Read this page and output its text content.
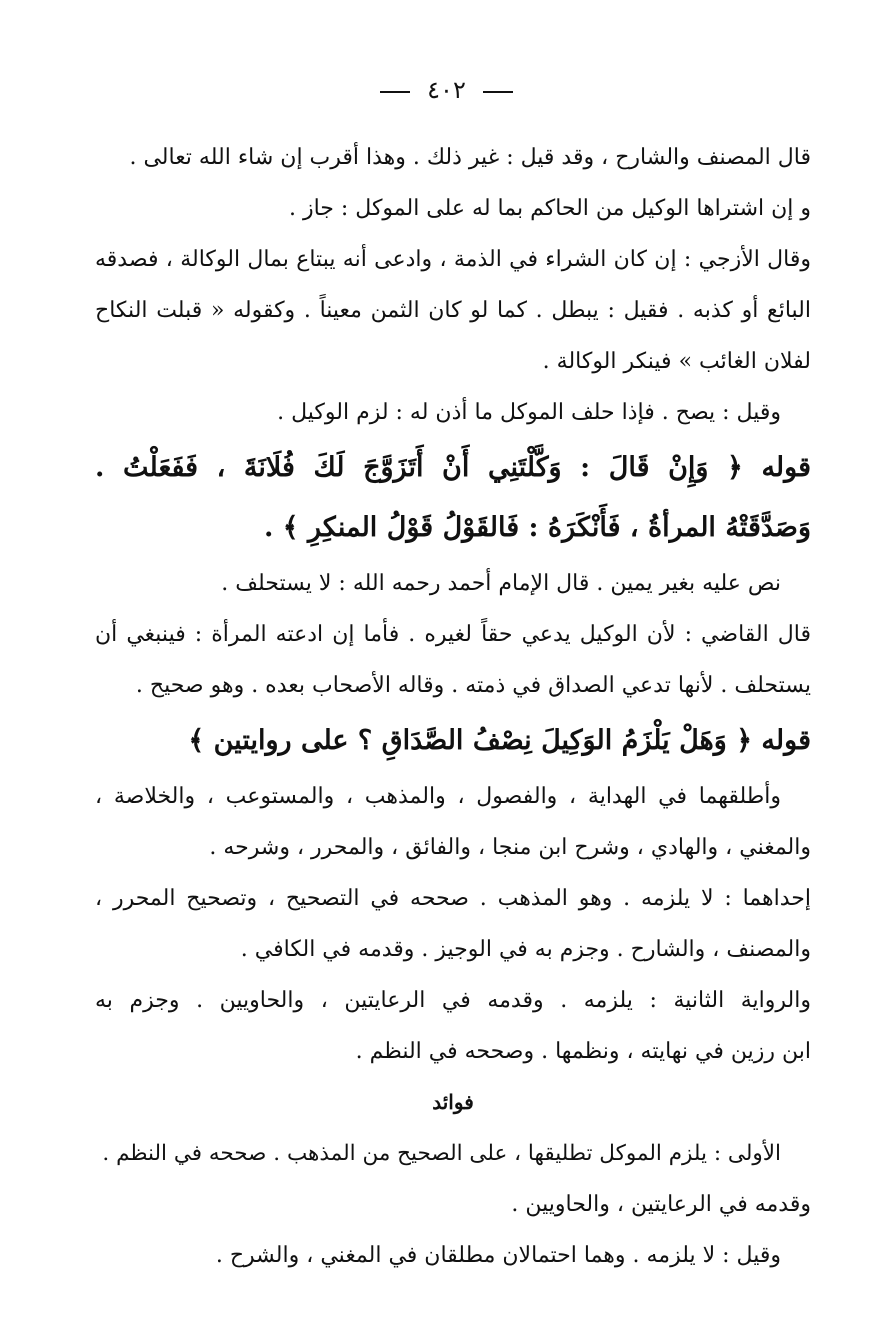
٤٠٢
قال المصنف والشارح ، وقد قيل : غير ذلك . وهذا أقرب إن شاء الله تعالى .
و إن اشتراها الوكيل من الحاكم بما له على الموكل : جاز .
وقال الأزجي : إن كان الشراء في الذمة ، وادعى أنه يبتاع بمال الوكالة ، فصدقه
البائع أو كذبه . فقيل : يبطل . كما لو كان الثمن معيناً . وكقوله « قبلت النكاح
لفلان الغائب » فينكر الوكالة .
وقيل : يصح . فإذا حلف الموكل ما أذن له : لزم الوكيل .
قوله ﴿ وَإِنْ قَالَ : وَكَّلْتَنِي أَنْ أَتَزَوَّجَ لَكَ فُلَانَةَ ، فَفَعَلْتُ .
وَصَدَّقَتْهُ المرأةُ ، فَأَنْكَرَهُ : فَالقَوْلُ قَوْلُ المنكِرِ ﴾ .
نص عليه بغير يمين . قال الإمام أحمد رحمه الله : لا يستحلف .
قال القاضي : لأن الوكيل يدعي حقاً لغيره . فأما إن ادعته المرأة : فينبغي أن
يستحلف . لأنها تدعي الصداق في ذمته . وقاله الأصحاب بعده . وهو صحيح .
قوله ﴿ وَهَلْ يَلْزَمُ الوَكِيلَ نِصْفُ الصَّدَاقِ ؟ على روايتين ﴾
وأطلقهما في الهداية ، والفصول ، والمذهب ، والمستوعب ، والخلاصة ،
والمغني ، والهادي ، وشرح ابن منجا ، والفائق ، والمحرر ، وشرحه .
إحداهما : لا يلزمه . وهو المذهب . صححه في التصحيح ، وتصحيح المحرر ،
والمصنف ، والشارح . وجزم به في الوجيز . وقدمه في الكافي .
والرواية الثانية : يلزمه . وقدمه في الرعايتين ، والحاويين . وجزم به
ابن رزين في نهايته ، ونظمها . وصححه في النظم .
فوائد
الأولى : يلزم الموكل تطليقها ، على الصحيح من المذهب . صححه في النظم .
وقدمه في الرعايتين ، والحاويين .
وقيل : لا يلزمه . وهما احتمالان مطلقان في المغني ، والشرح .
